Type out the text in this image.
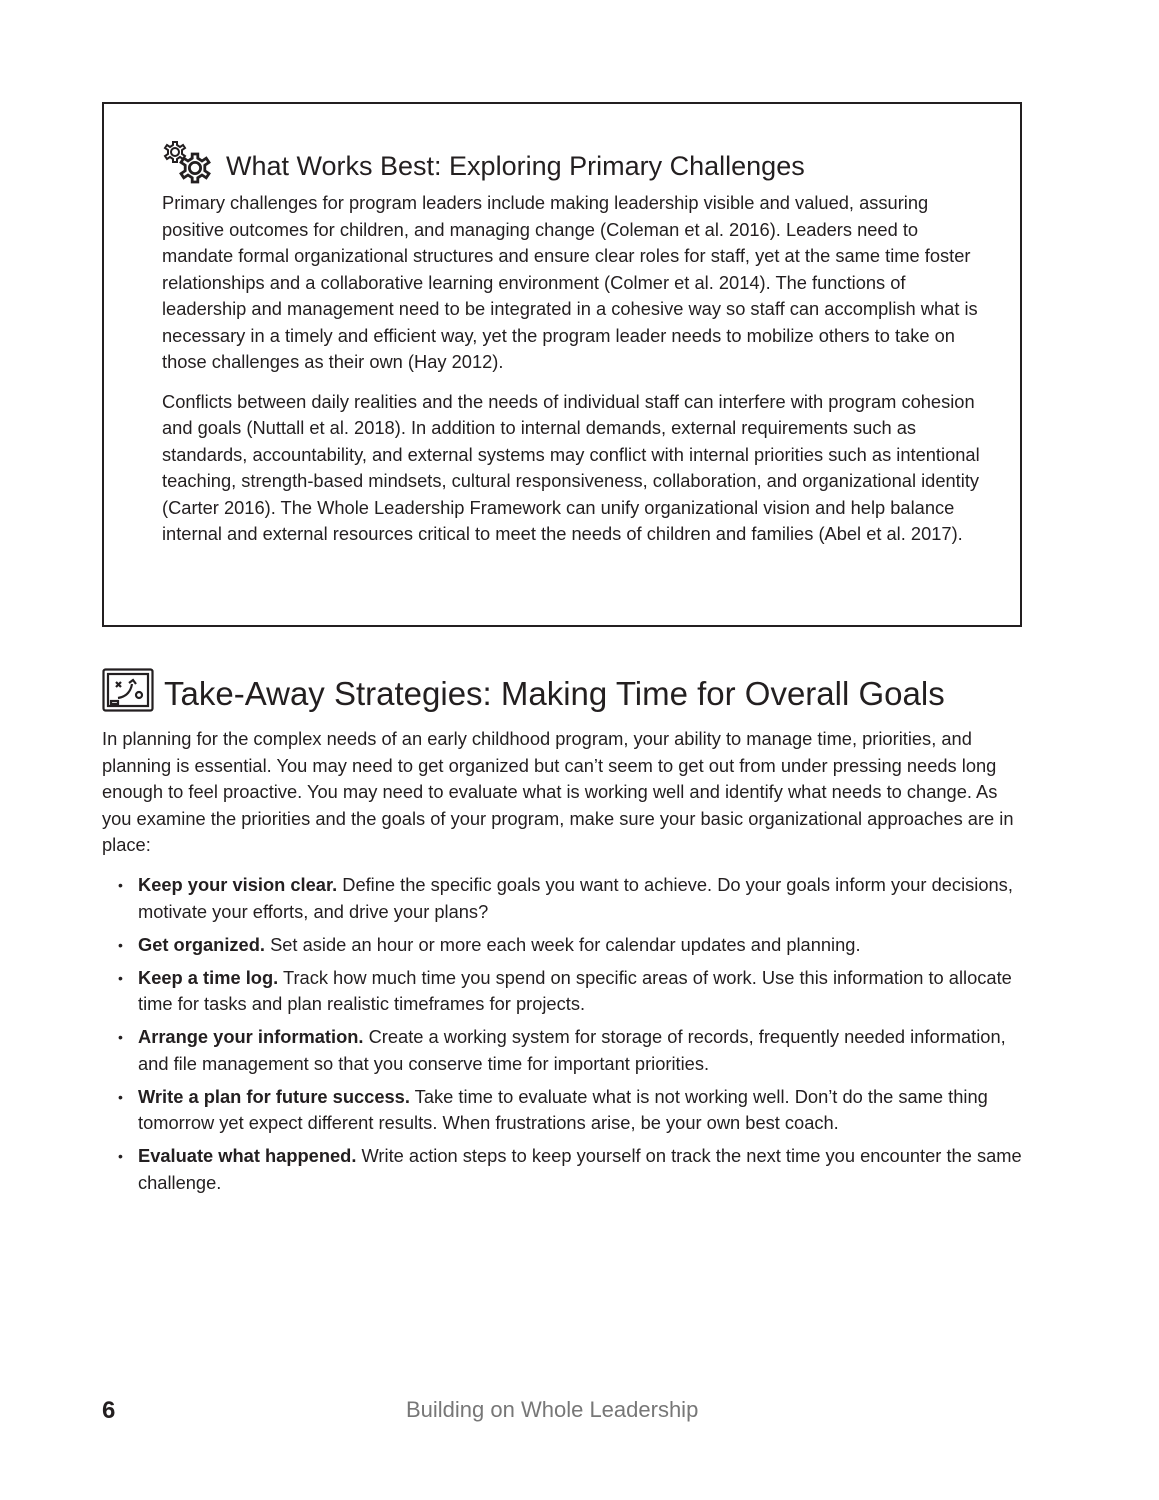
What Works Best: Exploring Primary Challenges

Primary challenges for program leaders include making leadership visible and valued, assuring positive outcomes for children, and managing change (Coleman et al. 2016). Leaders need to mandate formal organizational structures and ensure clear roles for staff, yet at the same time foster relationships and a collaborative learning environment (Colmer et al. 2014). The functions of leadership and management need to be integrated in a cohesive way so staff can accomplish what is necessary in a timely and efficient way, yet the program leader needs to mobilize others to take on those challenges as their own (Hay 2012).

Conflicts between daily realities and the needs of individual staff can interfere with program cohesion and goals (Nuttall et al. 2018). In addition to internal demands, external requirements such as standards, accountability, and external systems may conflict with internal priorities such as intentional teaching, strength-based mindsets, cultural responsiveness, collaboration, and organizational identity (Carter 2016). The Whole Leadership Framework can unify organizational vision and help balance internal and external resources critical to meet the needs of children and families (Abel et al. 2017).

Take-Away Strategies: Making Time for Overall Goals

In planning for the complex needs of an early childhood program, your ability to manage time, priorities, and planning is essential. You may need to get organized but can’t seem to get out from under pressing needs long enough to feel proactive. You may need to evaluate what is working well and identify what needs to change. As you examine the priorities and the goals of your program, make sure your basic organizational approaches are in place:

• Keep your vision clear. Define the specific goals you want to achieve. Do your goals inform your decisions, motivate your efforts, and drive your plans?
• Get organized. Set aside an hour or more each week for calendar updates and planning.
• Keep a time log. Track how much time you spend on specific areas of work. Use this information to allocate time for tasks and plan realistic timeframes for projects.
• Arrange your information. Create a working system for storage of records, frequently needed information, and file management so that you conserve time for important priorities.
• Write a plan for future success. Take time to evaluate what is not working well. Don’t do the same thing tomorrow yet expect different results. When frustrations arise, be your own best coach.
• Evaluate what happened. Write action steps to keep yourself on track the next time you encounter the same challenge.
6	Building on Whole Leadership
